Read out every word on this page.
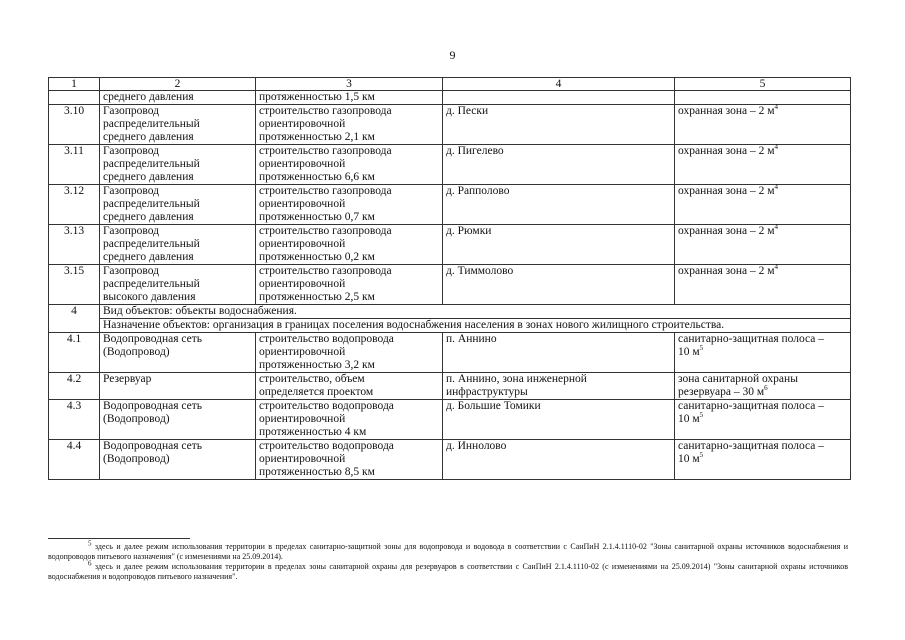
9
1	2	3	4	5
	среднего давления	протяженностью 1,5 км		
3.10	Газопровод
распределительный
среднего давления	строительство газопровода
ориентировочной
протяженностью 2,1 км	д. Пески	охранная зона – 2 $м^4$
3.11	Газопровод
распределительный
среднего давления	строительство газопровода
ориентировочной
протяженностью 6,6 км	д. Пигелево	охранная зона – 2 $м^4$
3.12	Газопровод
распределительный
среднего давления	строительство газопровода
ориентировочной
протяженностью 0,7 км	д. Рапполово	охранная зона – 2 $м^4$
3.13	Газопровод
распределительный
среднего давления	строительство газопровода
ориентировочной
протяженностью 0,2 км	д. Рюмки	охранная зона – 2 $м^4$
3.15	Газопровод
распределительный
высокого давления	строительство газопровода
ориентировочной
протяженностью 2,5 км	д. Тиммолово	охранная зона – 2 $м^4$
4	Вид объектов: объекты водоснабжения.			
	Назначение объектов: организация в границах поселения водоснабжения населения в зонах нового жилищного строительства.			
4.1	Водопроводная сеть
(Водопровод)	строительство водопровода
ориентировочной
протяженностью 3,2 км	п. Аннино	санитарно-защитная полоса –
10 $м^5$
4.2	Резервуар	строительство, объем
определяется проектом	п. Аннино, зона инженерной
инфраструктуры	зона санитарной охраны
резервуара – 30 $м^6$
4.3	Водопроводная сеть
(Водопровод)	строительство водопровода
ориентировочной
протяженностью 4 км	д. Большие Томики	санитарно-защитная полоса –
10 $м^5$
4.4	Водопроводная сеть
(Водопровод)	строительство водопровода
ориентировочной
протяженностью 8,5 км	д. Иннолово	санитарно-защитная полоса –
10 $м^5$

$^5$ здесь и далее режим использования территории в пределах санитарно-защитной зоны для водопровода и водовода в соответствии с СанПиН 2.1.4.1110-02 "Зоны санитарной охраны источников водоснабжения и водопроводов питьевого назначения" (с изменениями на 25.09.2014).

$^6$ здесь и далее режим использования территории в пределах зоны санитарной охраны для резервуаров в соответствии с СанПиН 2.1.4.1110-02 (с изменениями на 25.09.2014) "Зоны санитарной охраны источников водоснабжения и водопроводов питьевого назначения".
